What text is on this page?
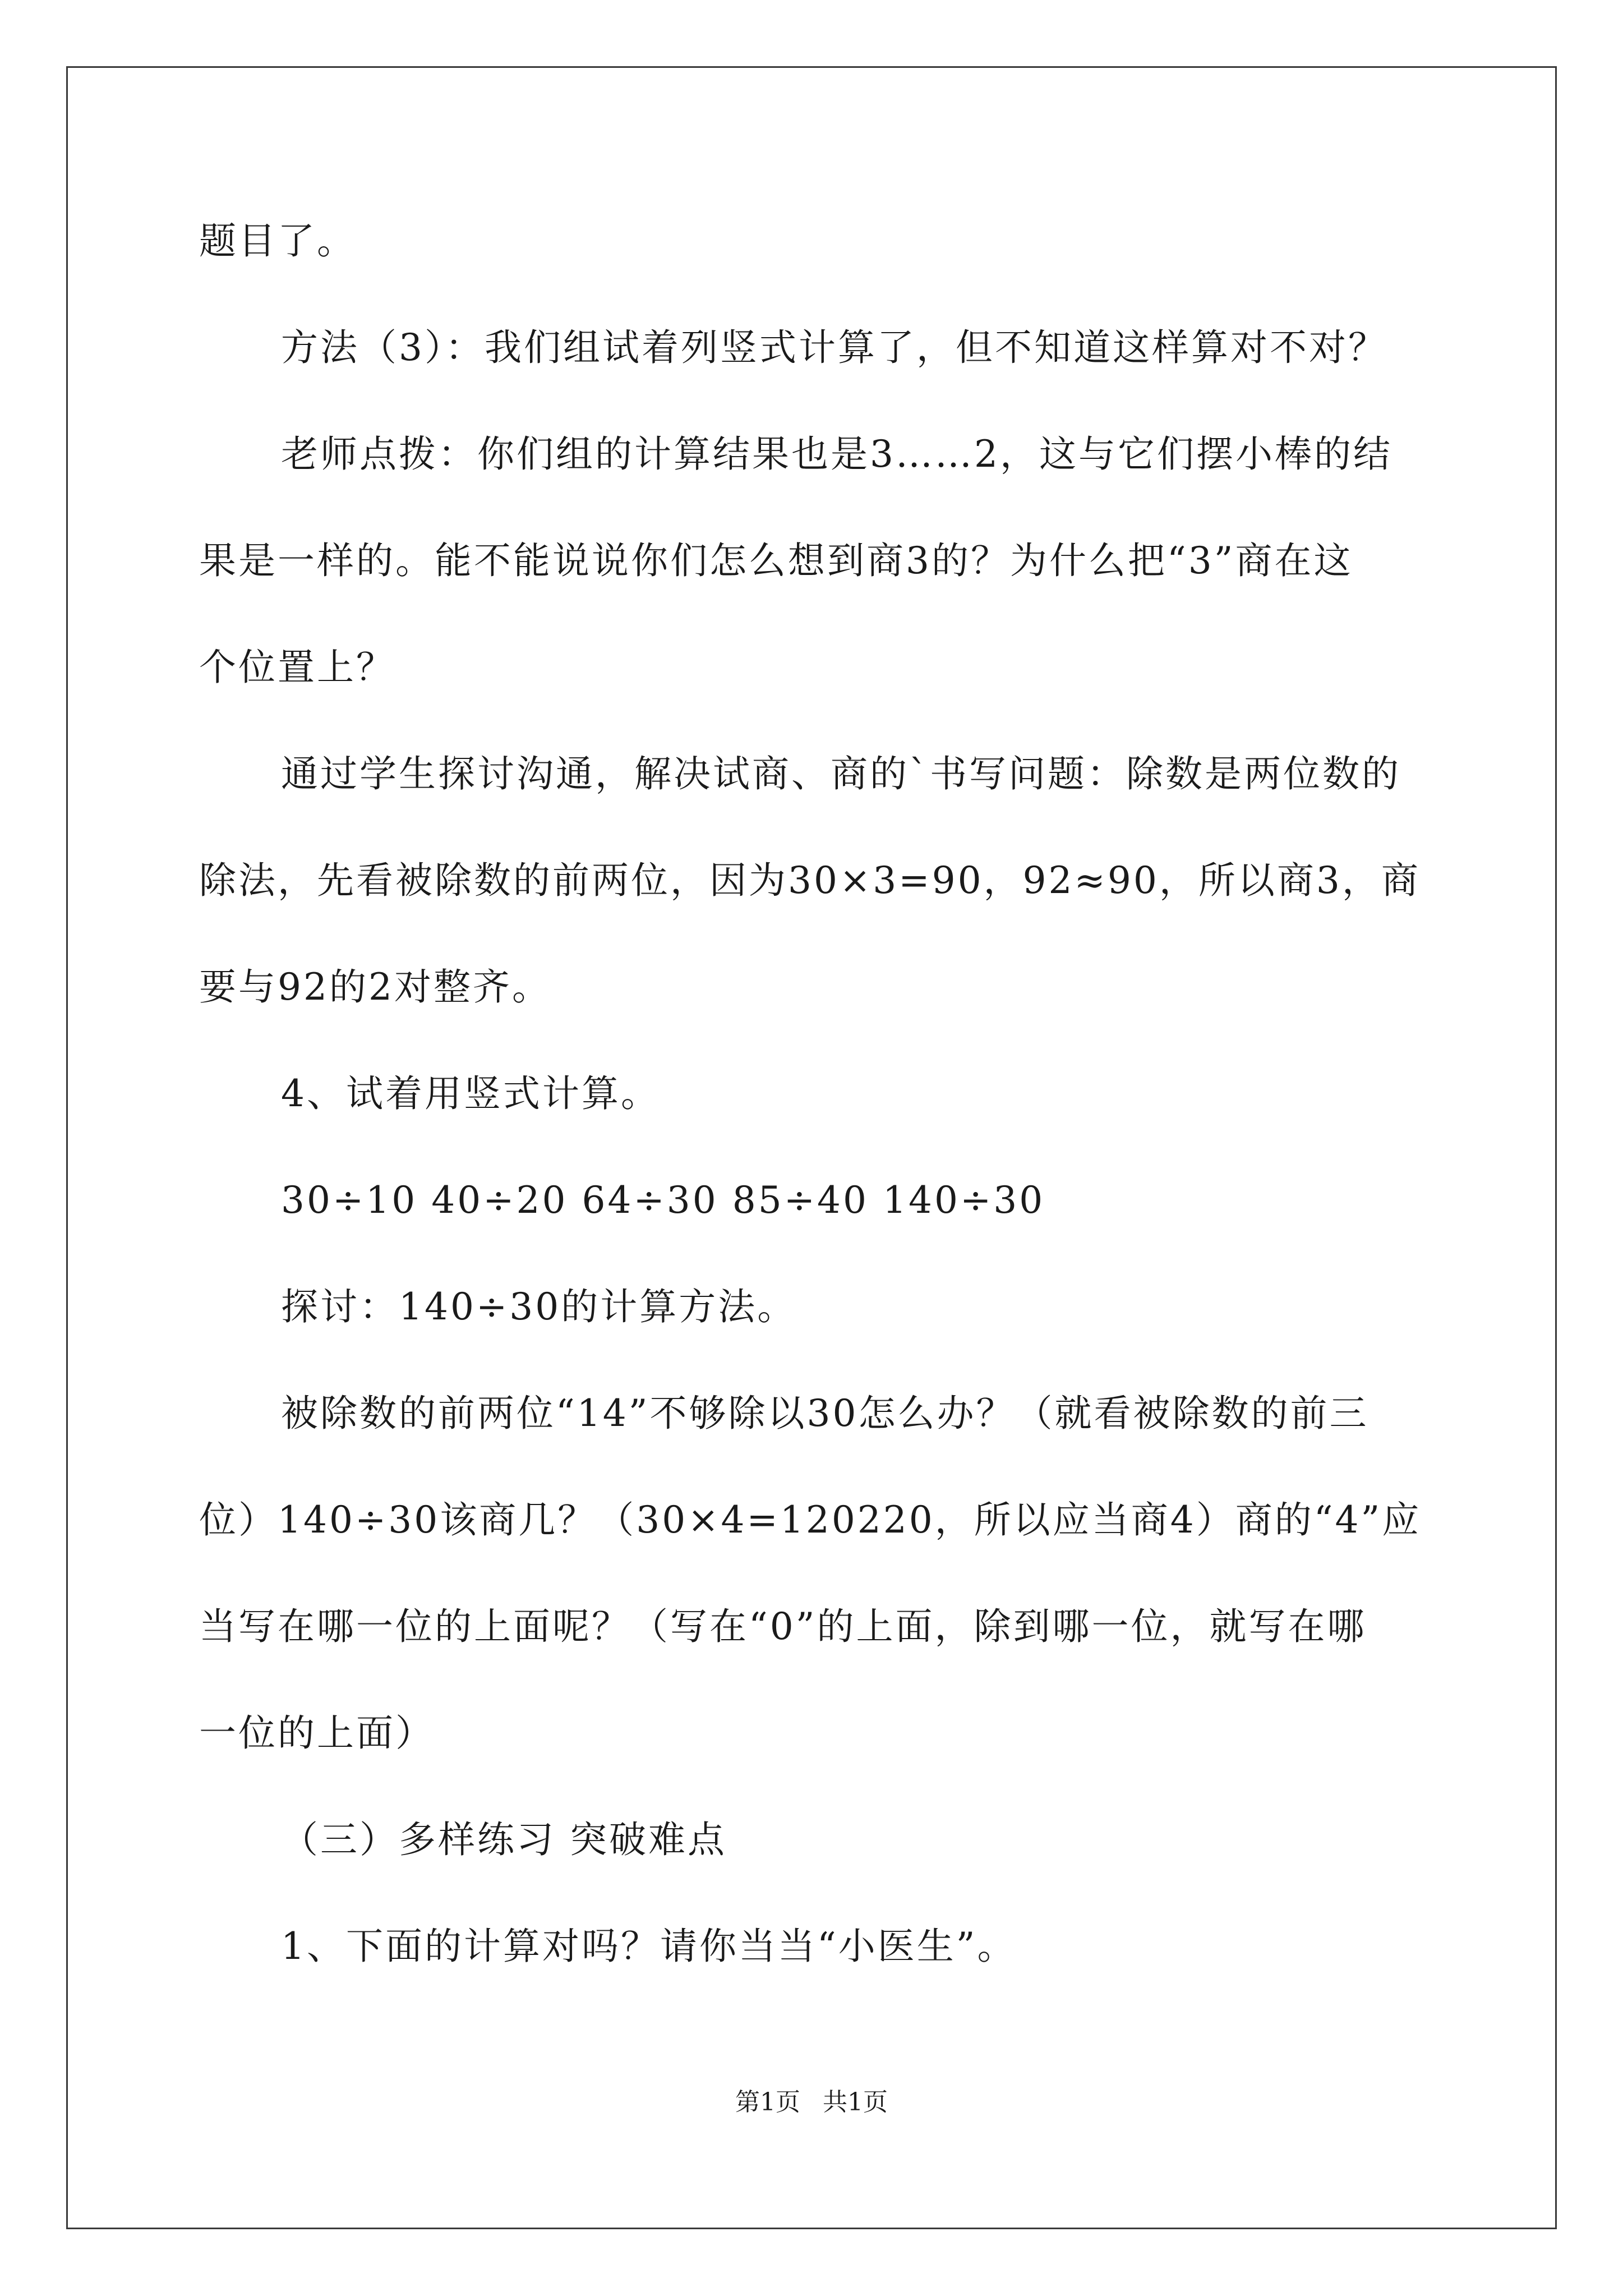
题目了。
方法（3）：我们组试着列竖式计算了，但不知道这样算对不对？
老师点拨：你们组的计算结果也是3……2，这与它们摆小棒的结
果是一样的。能不能说说你们怎么想到商3的？为什么把“3”商在这
个位置上？
通过学生探讨沟通，解决试商、商的`书写问题：除数是两位数的
除法，先看被除数的前两位，因为30×3=90，92≈90，所以商3，商
要与92的2对整齐。
4、试着用竖式计算。
30÷10 40÷20 64÷30 85÷40 140÷30
探讨：140÷30的计算方法。
被除数的前两位“14”不够除以30怎么办？（就看被除数的前三
位）140÷30该商几？（30×4=120220，所以应当商4）商的“4”应
当写在哪一位的上面呢？（写在“0”的上面，除到哪一位，就写在哪
一位的上面）
（三）多样练习 突破难点
1、下面的计算对吗？请你当当“小医生”。
第1页 共1页
